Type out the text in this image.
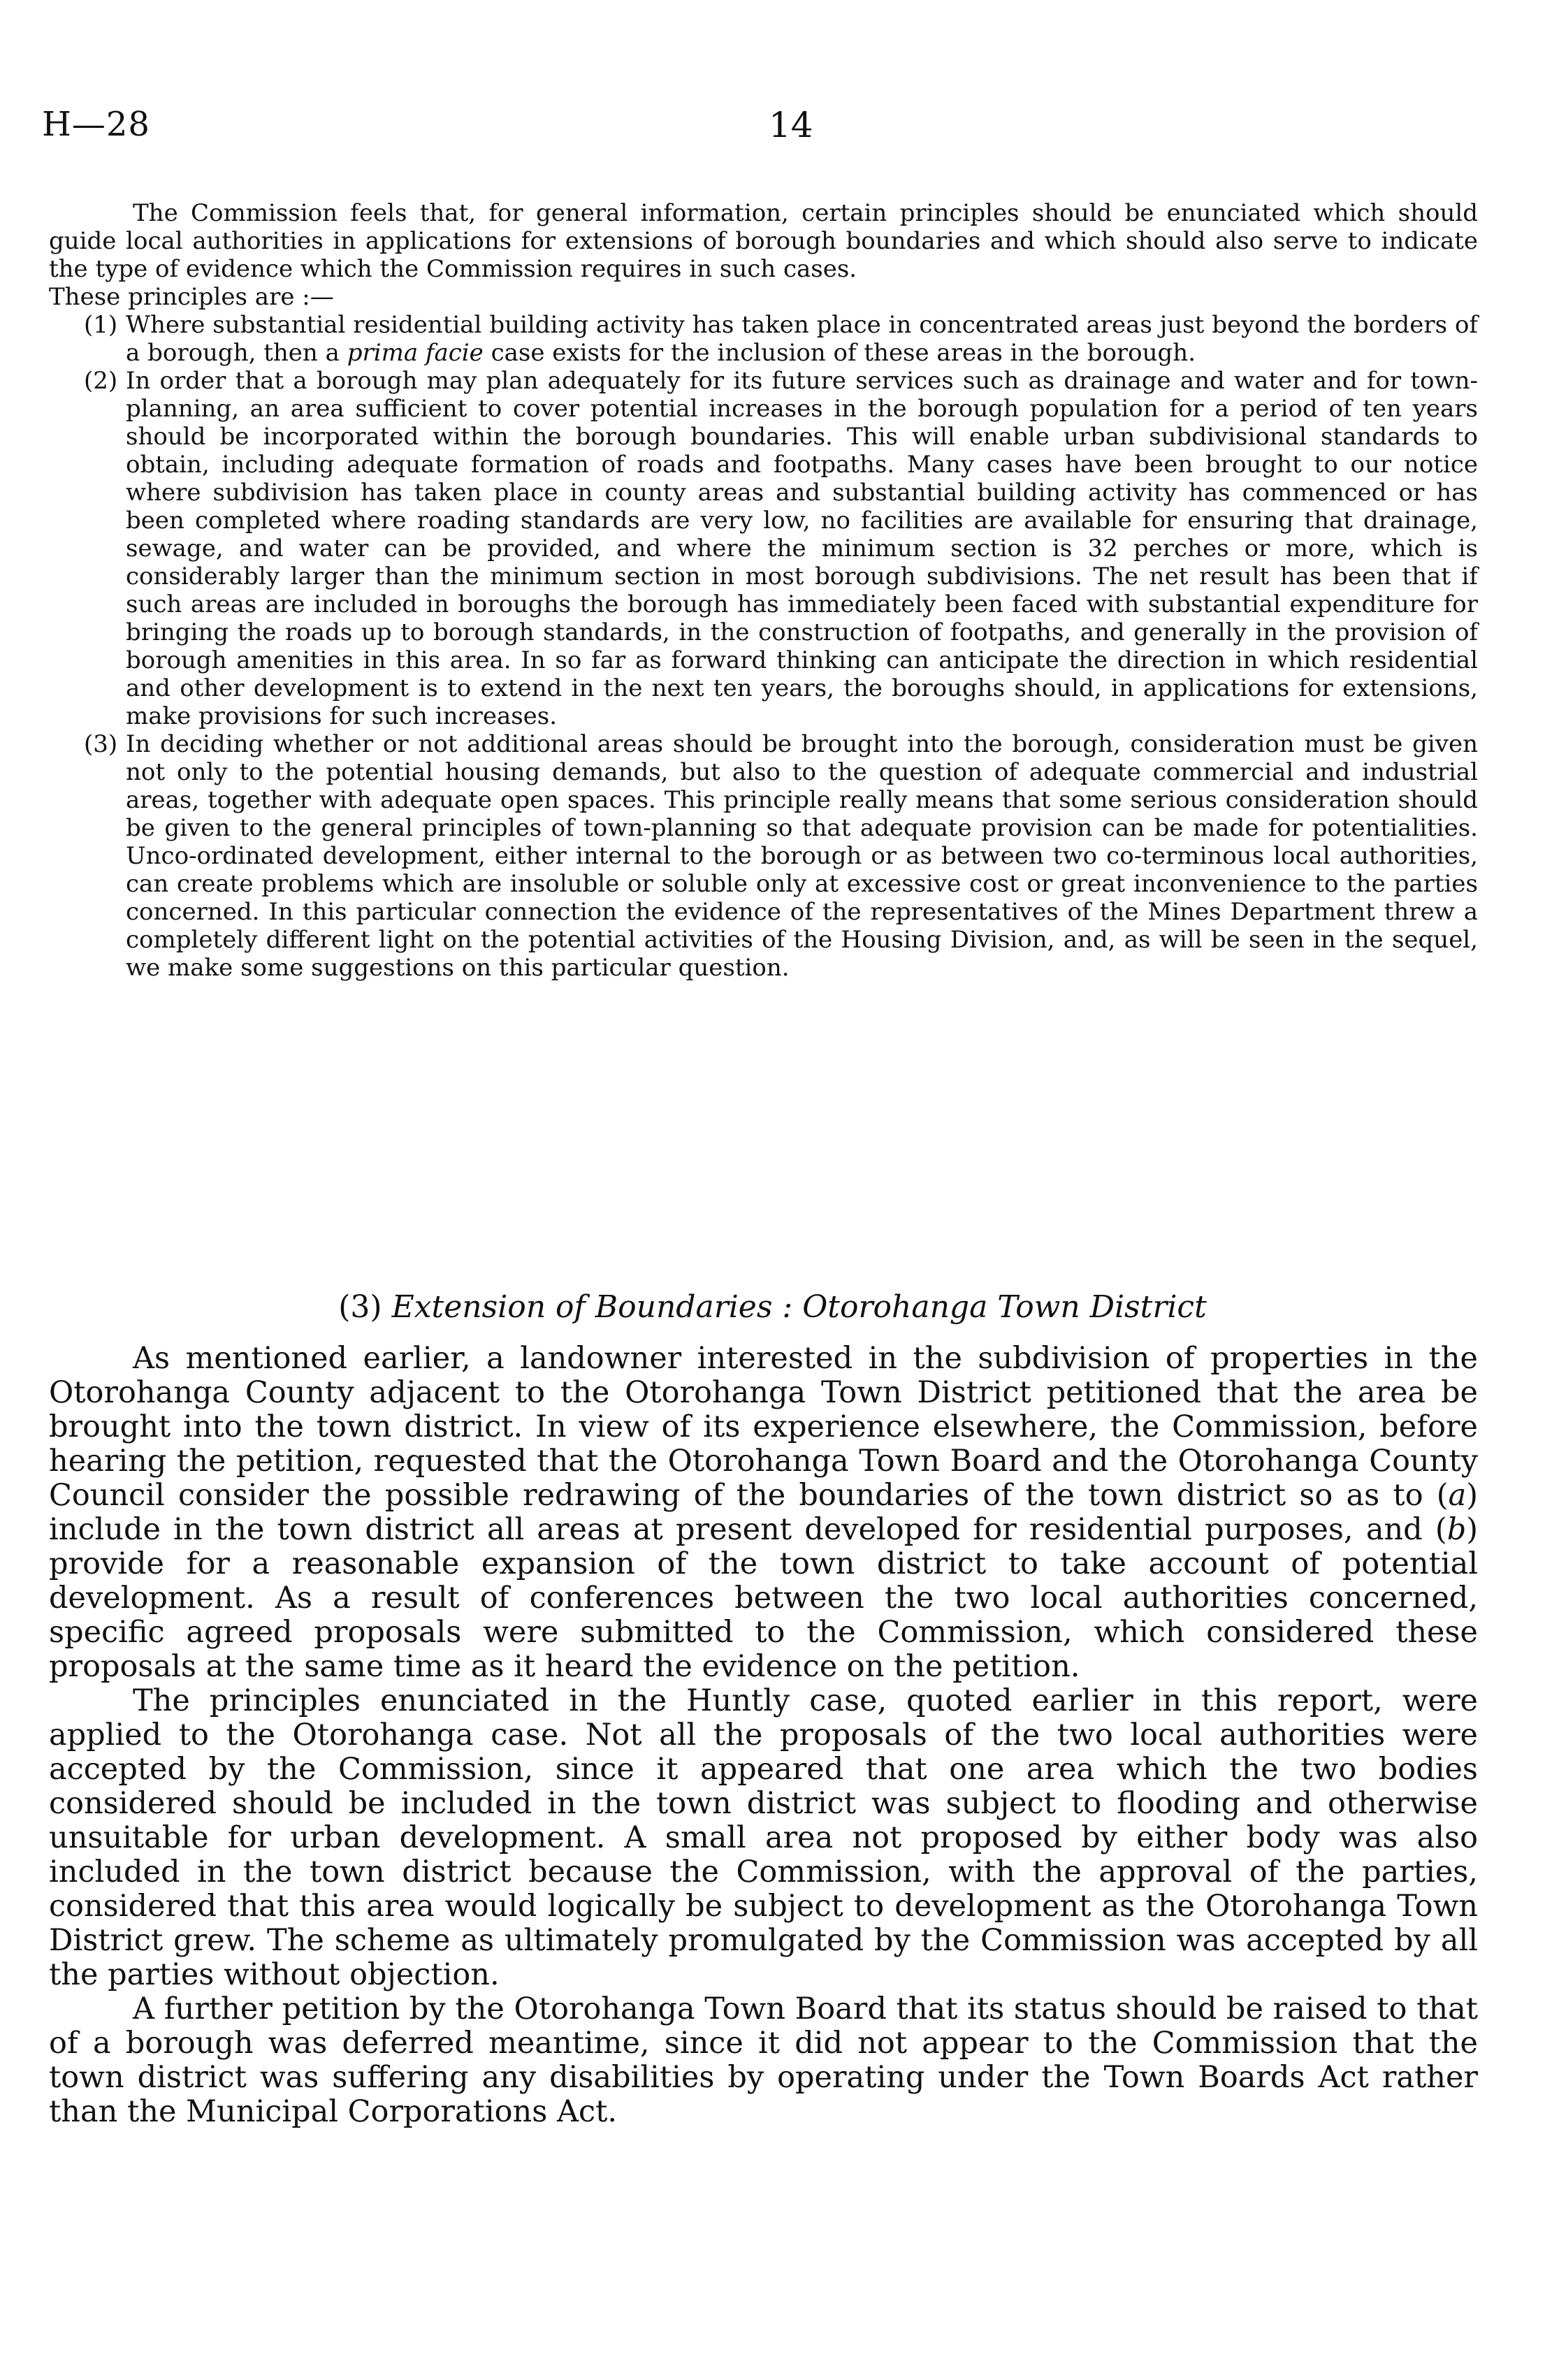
H—28	14

The Commission feels that, for general information, certain principles should be enunciated which should guide local authorities in applications for extensions of borough boundaries and which should also serve to indicate the type of evidence which the Commission requires in such cases.

These principles are :—

(1) Where substantial residential building activity has taken place in concentrated areas just beyond the borders of a borough, then a prima facie case exists for the inclusion of these areas in the borough.
(2) In order that a borough may plan adequately for its future services such as drainage and water and for town-planning, an area sufficient to cover potential increases in the borough population for a period of ten years should be incorporated within the borough boundaries. This will enable urban subdivisional standards to obtain, including adequate formation of roads and footpaths. Many cases have been brought to our notice where subdivision has taken place in county areas and substantial building activity has commenced or has been completed where roading standards are very low, no facilities are available for ensuring that drainage, sewage, and water can be provided, and where the minimum section is 32 perches or more, which is considerably larger than the minimum section in most borough subdivisions. The net result has been that if such areas are included in boroughs the borough has immediately been faced with substantial expenditure for bringing the roads up to borough standards, in the construction of footpaths, and generally in the provision of borough amenities in this area. In so far as forward thinking can anticipate the direction in which residential and other development is to extend in the next ten years, the boroughs should, in applications for extensions, make provisions for such increases.
(3) In deciding whether or not additional areas should be brought into the borough, consideration must be given not only to the potential housing demands, but also to the question of adequate commercial and industrial areas, together with adequate open spaces. This principle really means that some serious consideration should be given to the general principles of town-planning so that adequate provision can be made for potentialities. Unco-ordinated development, either internal to the borough or as between two co-terminous local authorities, can create problems which are insoluble or soluble only at excessive cost or great inconvenience to the parties concerned. In this particular connection the evidence of the representatives of the Mines Department threw a completely different light on the potential activities of the Housing Division, and, as will be seen in the sequel, we make some suggestions on this particular question.
(3) Extension of Boundaries : Otorohanga Town District

As mentioned earlier, a landowner interested in the subdivision of properties in the Otorohanga County adjacent to the Otorohanga Town District petitioned that the area be brought into the town district. In view of its experience elsewhere, the Commission, before hearing the petition, requested that the Otorohanga Town Board and the Otorohanga County Council consider the possible redrawing of the boundaries of the town district so as to (a) include in the town district all areas at present developed for residential purposes, and (b) provide for a reasonable expansion of the town district to take account of potential development. As a result of conferences between the two local authorities concerned, specific agreed proposals were submitted to the Commission, which considered these proposals at the same time as it heard the evidence on the petition.

The principles enunciated in the Huntly case, quoted earlier in this report, were applied to the Otorohanga case. Not all the proposals of the two local authorities were accepted by the Commission, since it appeared that one area which the two bodies considered should be included in the town district was subject to flooding and otherwise unsuitable for urban development. A small area not proposed by either body was also included in the town district because the Commission, with the approval of the parties, considered that this area would logically be subject to development as the Otorohanga Town District grew. The scheme as ultimately promulgated by the Commission was accepted by all the parties without objection.

A further petition by the Otorohanga Town Board that its status should be raised to that of a borough was deferred meantime, since it did not appear to the Commission that the town district was suffering any disabilities by operating under the Town Boards Act rather than the Municipal Corporations Act.
